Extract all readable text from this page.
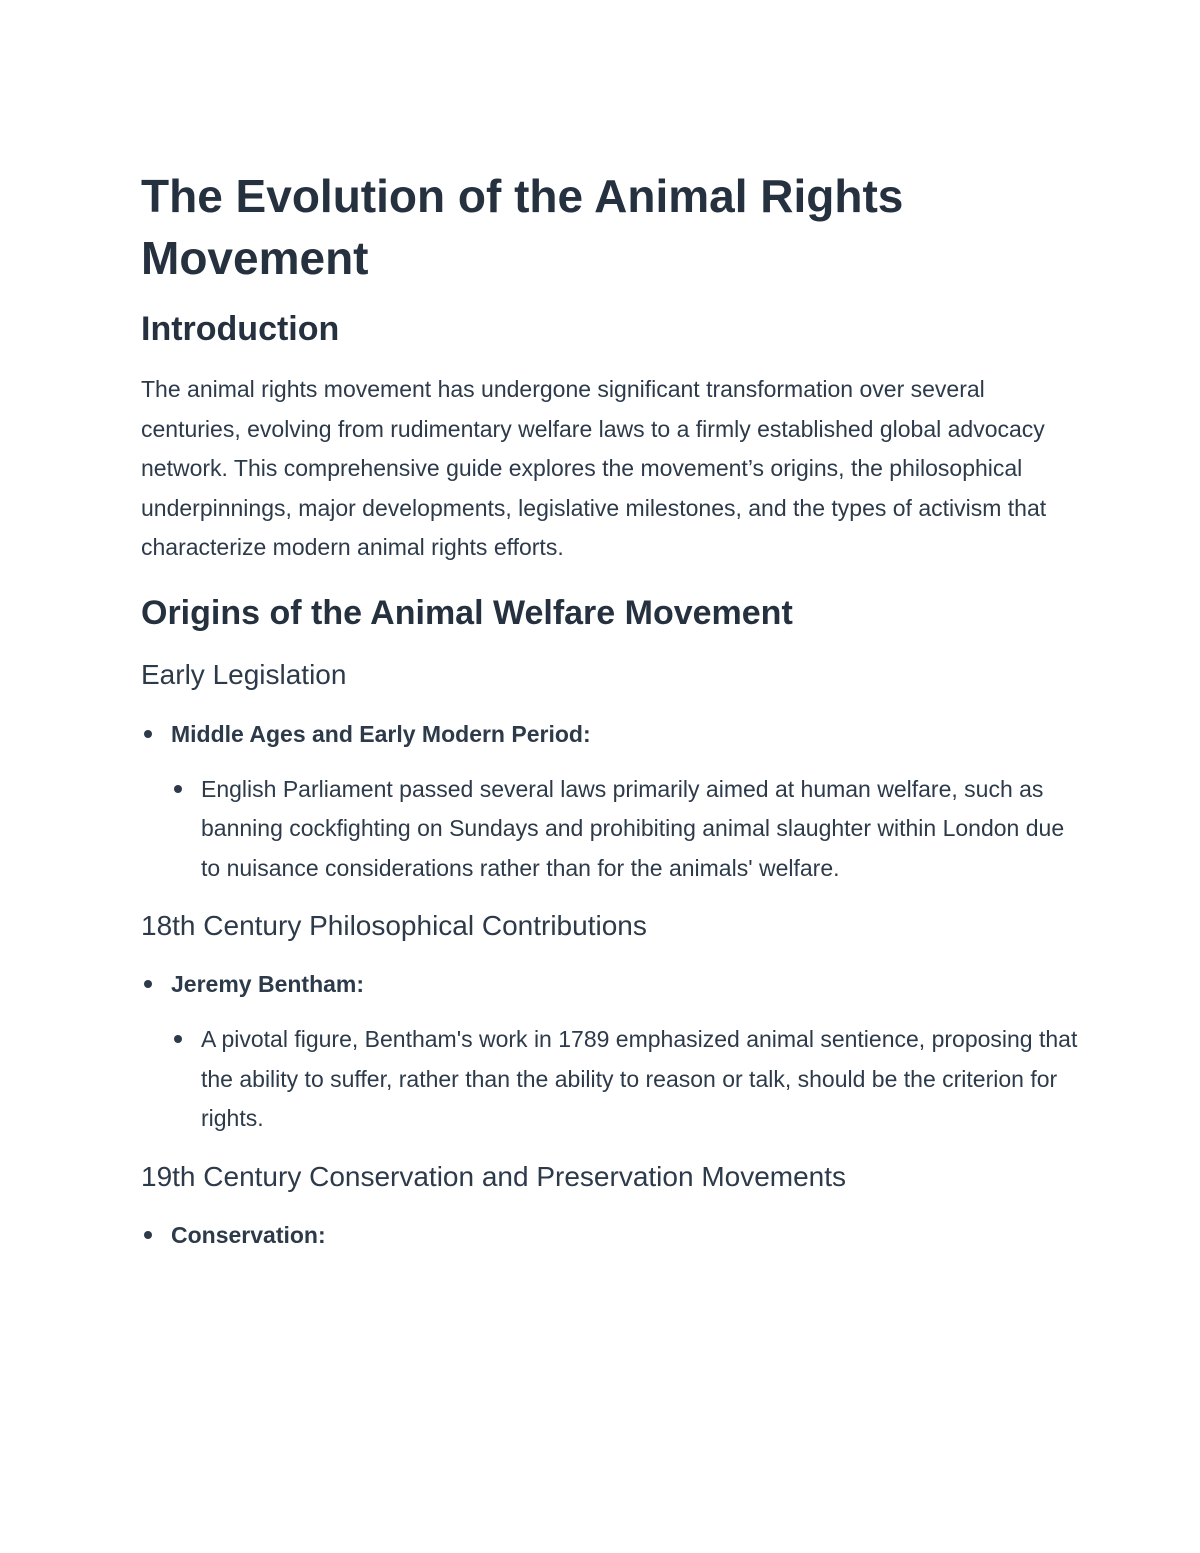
The Evolution of the Animal Rights Movement
Introduction

The animal rights movement has undergone significant transformation over several centuries, evolving from rudimentary welfare laws to a firmly established global advocacy network. This comprehensive guide explores the movement’s origins, the philosophical underpinnings, major developments, legislative milestones, and the types of activism that characterize modern animal rights efforts.

Origins of the Animal Welfare Movement
Early Legislation
Middle Ages and Early Modern Period:
English Parliament passed several laws primarily aimed at human welfare, such as banning cockfighting on Sundays and prohibiting animal slaughter within London due to nuisance considerations rather than for the animals' welfare.
18th Century Philosophical Contributions
Jeremy Bentham:
A pivotal figure, Bentham's work in 1789 emphasized animal sentience, proposing that the ability to suffer, rather than the ability to reason or talk, should be the criterion for rights.
19th Century Conservation and Preservation Movements
Conservation:
